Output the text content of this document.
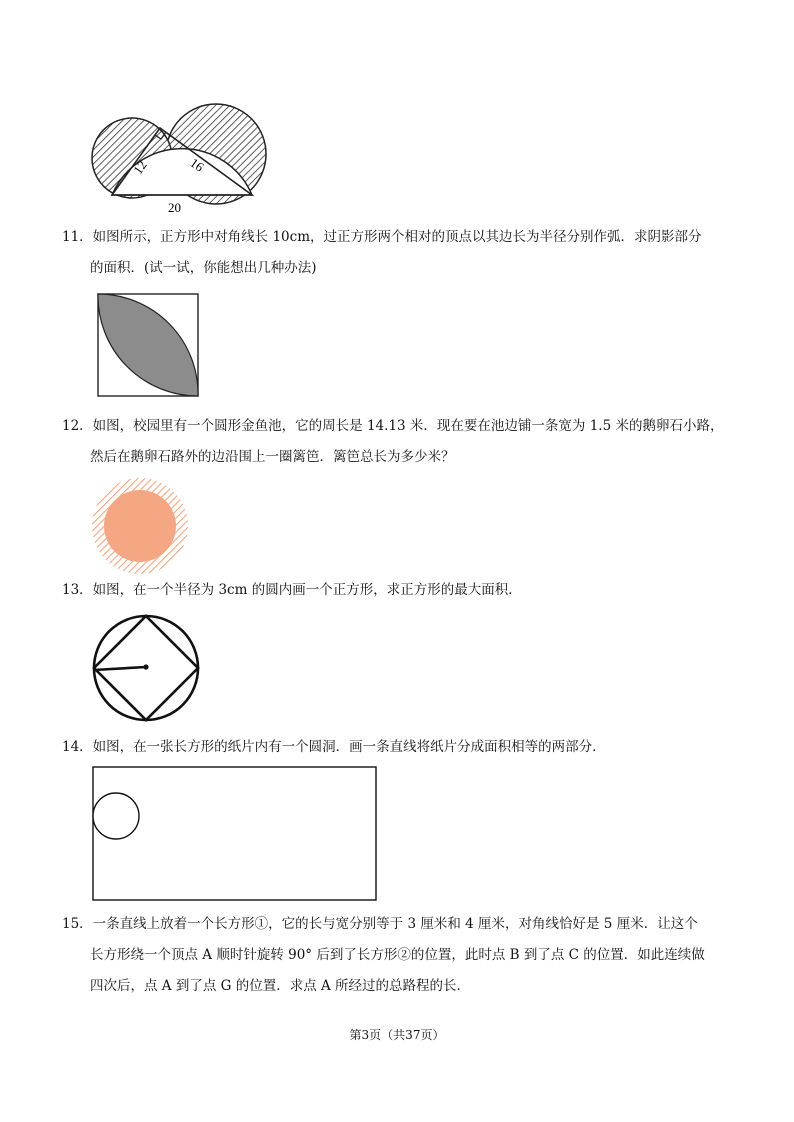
12	16
20
11．如图所示，正方形中对角线长 10cm，过正方形两个相对的顶点以其边长为半径分别作弧．求阴影部分
的面积．(试一试，你能想出几种办法)
12．如图，校园里有一个圆形金鱼池，它的周长是 14.13 米．现在要在池边铺一条宽为 1.5 米的鹅卵石小路，
然后在鹅卵石路外的边沿围上一圈篱笆．篱笆总长为多少米？
13．如图，在一个半径为 3cm 的圆内画一个正方形，求正方形的最大面积．
14．如图，在一张长方形的纸片内有一个圆洞．画一条直线将纸片分成面积相等的两部分．
15．一条直线上放着一个长方形①，它的长与宽分别等于 3 厘米和 4 厘米，对角线恰好是 5 厘米．让这个
长方形绕一个顶点 A 顺时针旋转 90° 后到了长方形②的位置，此时点 B 到了点 C 的位置．如此连续做
四次后，点 A 到了点 G 的位置．求点 A 所经过的总路程的长．
第3页（共37页）
